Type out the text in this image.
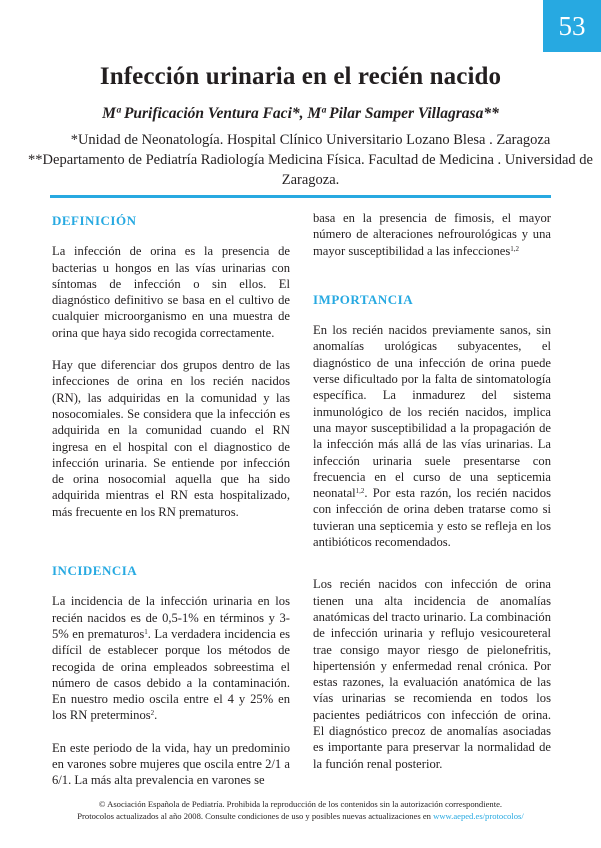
53
Infección urinaria en el recién nacido

Mª Purificación Ventura Faci*, Mª Pilar Samper Villagrasa**

*Unidad de Neonatología. Hospital Clínico Universitario Lozano Blesa . Zaragoza

**Departamento de Pediatría Radiología Medicina Física. Facultad de Medicina . Universidad de Zaragoza.

DEFINICIÓN

La infección de orina es la presencia de bacterias u hongos en las vías urinarias con síntomas de infección o sin ellos. El diagnóstico definitivo se basa en el cultivo de cualquier microorganismo en una muestra de orina que haya sido recogida correctamente.

Hay que diferenciar dos grupos dentro de las infecciones de orina en los recién nacidos (RN), las adquiridas en la comunidad y las nosocomiales. Se considera que la infección es adquirida en la comunidad cuando el RN ingresa en el hospital con el diagnostico de infección urinaria. Se entiende por infección de orina nosocomial aquella que ha sido adquirida mientras el RN esta hospitalizado, más frecuente en los RN prematuros.

INCIDENCIA

La incidencia de la infección urinaria en los recién nacidos es de 0,5-1% en términos y 3-5% en prematuros$^1$. La verdadera incidencia es difícil de establecer porque los métodos de recogida de orina empleados sobreestima el número de casos debido a la contaminación. En nuestro medio oscila entre el 4 y 25% en los RN preterminos$^2$.

En este periodo de la vida, hay un predominio en varones sobre mujeres que oscila entre 2/1 a 6/1. La más alta prevalencia en varones se

basa en la presencia de fimosis, el mayor número de alteraciones nefrourológicas y una mayor susceptibilidad a las infecciones$^{1,2}$

IMPORTANCIA

En los recién nacidos previamente sanos, sin anomalías urológicas subyacentes, el diagnóstico de una infección de orina puede verse dificultado por la falta de sintomatología específica. La inmadurez del sistema inmunológico de los recién nacidos, implica una mayor susceptibilidad a la propagación de la infección más allá de las vías urinarias. La infección urinaria suele presentarse con frecuencia en el curso de una septicemia neonatal$^{1,2}$. Por esta razón, los recién nacidos con infección de orina deben tratarse como si tuvieran una septicemia y esto se refleja en los antibióticos recomendados.

Los recién nacidos con infección de orina tienen una alta incidencia de anomalías anatómicas del tracto urinario. La combinación de infección urinaria y reflujo vesicoureteral trae consigo mayor riesgo de pielonefritis, hipertensión y enfermedad renal crónica. Por estas razones, la evaluación anatómica de las vías urinarias se recomienda en todos los pacientes pediátricos con infección de orina. El diagnóstico precoz de anomalías asociadas es importante para preservar la normalidad de la función renal posterior.

© Asociación Española de Pediatría. Prohibida la reproducción de los contenidos sin la autorización correspondiente.
Protocolos actualizados al año 2008. Consulte condiciones de uso y posibles nuevas actualizaciones en www.aeped.es/protocolos/
